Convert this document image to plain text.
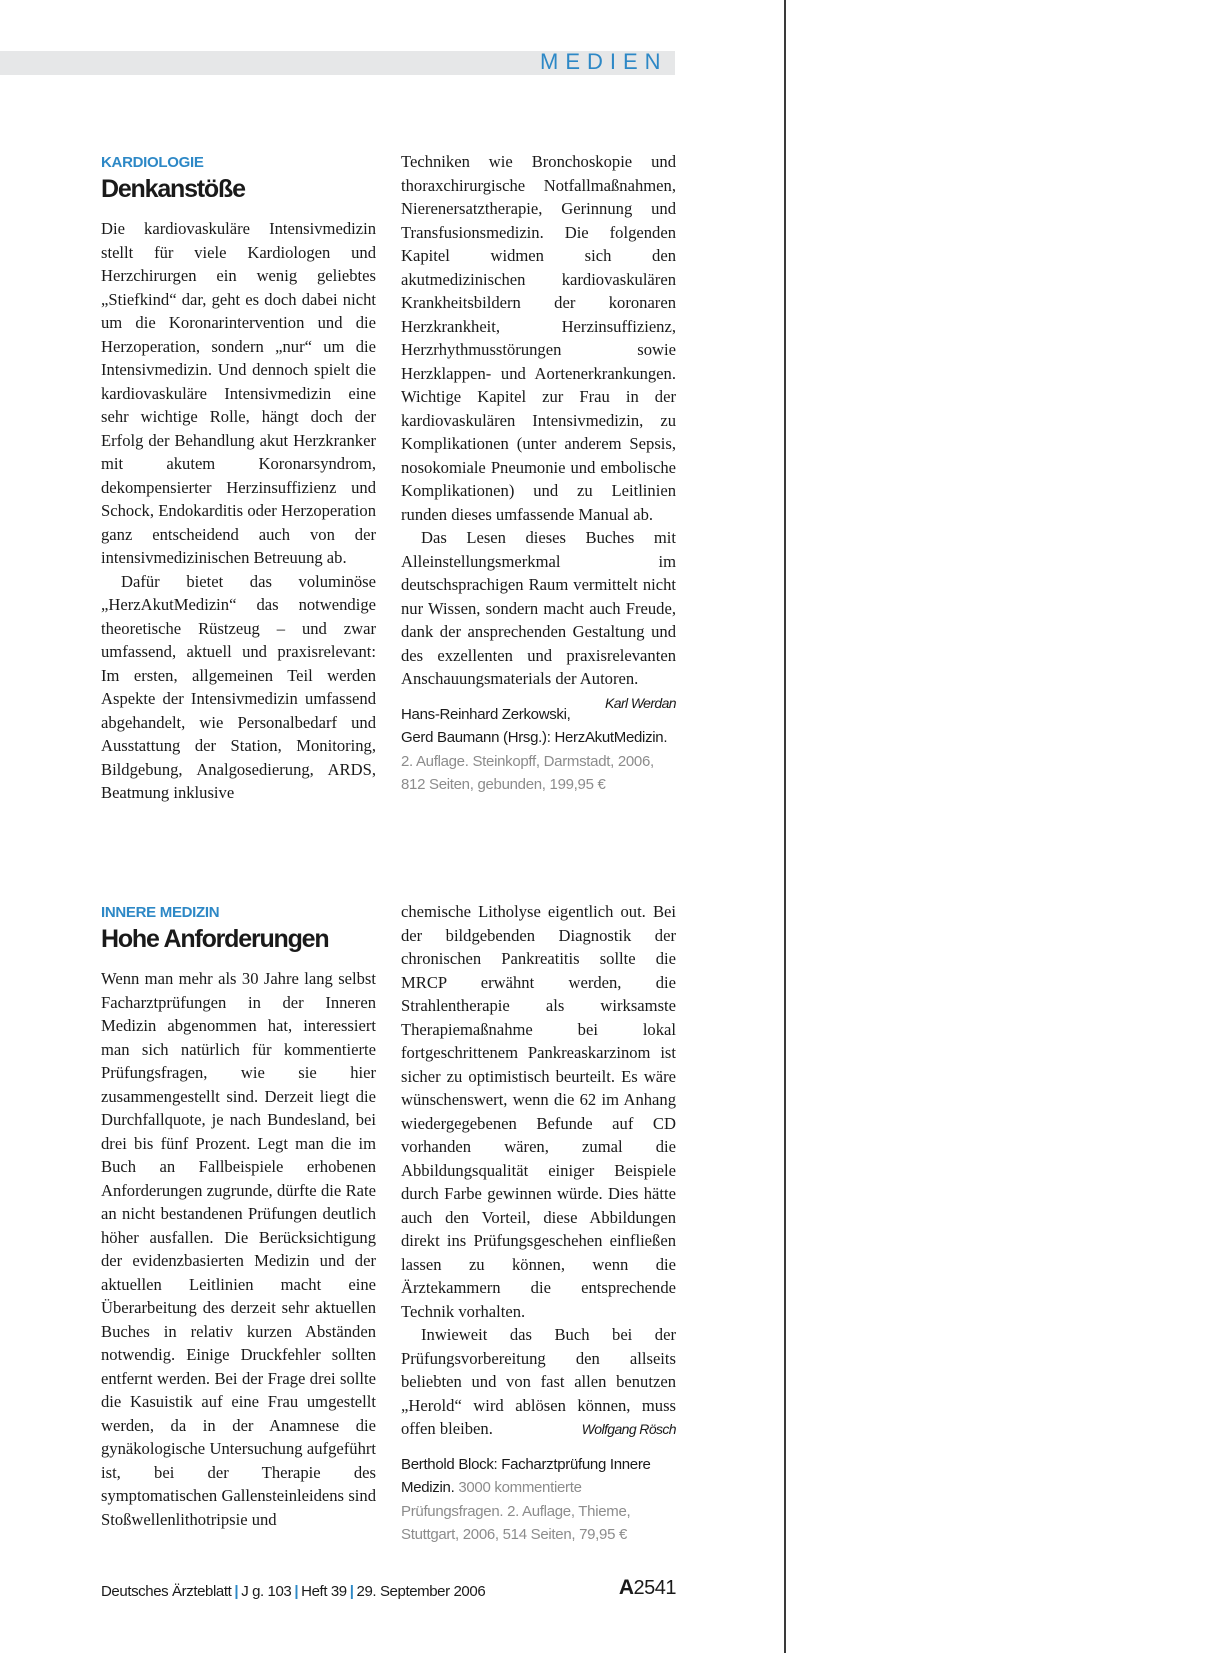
MEDIEN
KARDIOLOGIE
Denkanstöße

Die kardiovaskuläre Intensivmedizin stellt für viele Kardiologen und Herzchirurgen ein wenig geliebtes „Stiefkind“ dar, geht es doch dabei nicht um die Koronarintervention und die Herzoperation, sondern „nur“ um die Intensivmedizin. Und dennoch spielt die kardiovaskuläre Intensivmedizin eine sehr wichtige Rolle, hängt doch der Erfolg der Behandlung akut Herzkranker mit akutem Koronarsyndrom, dekompensierter Herzinsuffizienz und Schock, Endokarditis oder Herzoperation ganz entscheidend auch von der intensivmedizinischen Betreuung ab.

Dafür bietet das voluminöse „HerzAkutMedizin“ das notwendige theoretische Rüstzeug – und zwar umfassend, aktuell und praxisrelevant: Im ersten, allgemeinen Teil werden Aspekte der Intensivmedizin umfassend abgehandelt, wie Personalbedarf und Ausstattung der Station, Monitoring, Bildgebung, Analgosedierung, ARDS, Beatmung inklusive

Techniken wie Bronchoskopie und thoraxchirurgische Notfallmaßnahmen, Nierenersatztherapie, Gerinnung und Transfusionsmedizin. Die folgenden Kapitel widmen sich den akutmedizinischen kardiovaskulären Krankheitsbildern der koronaren Herzkrankheit, Herzinsuffizienz, Herzrhythmusstörungen sowie Herzklappen- und Aortenerkrankungen. Wichtige Kapitel zur Frau in der kardiovaskulären Intensivmedizin, zu Komplikationen (unter anderem Sepsis, nosokomiale Pneumonie und embolische Komplikationen) und zu Leitlinien runden dieses umfassende Manual ab.

Das Lesen dieses Buches mit Alleinstellungsmerkmal im deutschsprachigen Raum vermittelt nicht nur Wissen, sondern macht auch Freude, dank der ansprechenden Gestaltung und des exzellenten und praxisrelevanten Anschauungsmaterials der Autoren.
Karl Werdan

Hans-Reinhard Zerkowski, Gerd Baumann (Hrsg.): HerzAkutMedizin. 2. Auflage. Steinkopff, Darmstadt, 2006, 812 Seiten, gebunden, 199,95 €

INNERE MEDIZIN
Hohe Anforderungen

Wenn man mehr als 30 Jahre lang selbst Facharztprüfungen in der Inneren Medizin abgenommen hat, interessiert man sich natürlich für kommentierte Prüfungsfragen, wie sie hier zusammengestellt sind. Derzeit liegt die Durchfallquote, je nach Bundesland, bei drei bis fünf Prozent. Legt man die im Buch an Fallbeispiele erhobenen Anforderungen zugrunde, dürfte die Rate an nicht bestandenen Prüfungen deutlich höher ausfallen. Die Berücksichtigung der evidenzbasierten Medizin und der aktuellen Leitlinien macht eine Überarbeitung des derzeit sehr aktuellen Buches in relativ kurzen Abständen notwendig. Einige Druckfehler sollten entfernt werden. Bei der Frage drei sollte die Kasuistik auf eine Frau umgestellt werden, da in der Anamnese die gynäkologische Untersuchung aufgeführt ist, bei der Therapie des symptomatischen Gallensteinleidens sind Stoßwellenlithotripsie und

chemische Litholyse eigentlich out. Bei der bildgebenden Diagnostik der chronischen Pankreatitis sollte die MRCP erwähnt werden, die Strahlentherapie als wirksamste Therapiemaßnahme bei lokal fortgeschrittenem Pankreaskarzinom ist sicher zu optimistisch beurteilt. Es wäre wünschenswert, wenn die 62 im Anhang wiedergegebenen Befunde auf CD vorhanden wären, zumal die Abbildungsqualität einiger Beispiele durch Farbe gewinnen würde. Dies hätte auch den Vorteil, diese Abbildungen direkt ins Prüfungsgeschehen einfließen lassen zu können, wenn die Ärztekammern die entsprechende Technik vorhalten.

Inwieweit das Buch bei der Prüfungsvorbereitung den allseits beliebten und von fast allen benutzen „Herold“ wird ablösen können, muss offen bleiben.	Wolfgang Rösch

Berthold Block: Facharztprüfung Innere Medizin. 3000 kommentierte Prüfungsfragen. 2. Auflage, Thieme, Stuttgart, 2006, 514 Seiten, 79,95 €

Deutsches Ärzteblatt | J g. 103 | Heft 39 | 29. September 2006	A2541
